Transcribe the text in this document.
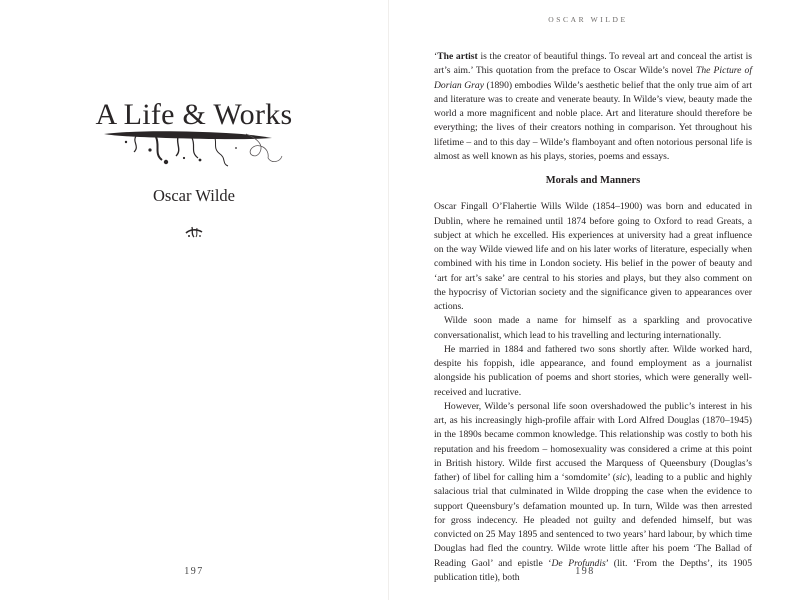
A Life & Works
Oscar Wilde
197
OSCAR WILDE

‘The artist is the creator of beautiful things. To reveal art and conceal the artist is art’s aim.’ This quotation from the preface to Oscar Wilde’s novel The Picture of Dorian Gray (1890) embodies Wilde’s aesthetic belief that the only true aim of art and literature was to create and venerate beauty. In Wilde’s view, beauty made the world a more magnificent and noble place. Art and literature should therefore be everything; the lives of their creators nothing in comparison. Yet throughout his lifetime – and to this day – Wilde’s flamboyant and often notorious personal life is almost as well known as his plays, stories, poems and essays.

Morals and Manners

Oscar Fingall O’Flahertie Wills Wilde (1854–1900) was born and educated in Dublin, where he remained until 1874 before going to Oxford to read Greats, a subject at which he excelled. His experiences at university had a great influence on the way Wilde viewed life and on his later works of literature, especially when combined with his time in London society. His belief in the power of beauty and ‘art for art’s sake’ are central to his stories and plays, but they also comment on the hypocrisy of Victorian society and the significance given to appearances over actions.

Wilde soon made a name for himself as a sparkling and provocative conversationalist, which lead to his travelling and lecturing internationally.

He married in 1884 and fathered two sons shortly after. Wilde worked hard, despite his foppish, idle appearance, and found employment as a journalist alongside his publication of poems and short stories, which were generally well-received and lucrative.

However, Wilde’s personal life soon overshadowed the public’s interest in his art, as his increasingly high-profile affair with Lord Alfred Douglas (1870–1945) in the 1890s became common knowledge. This relationship was costly to both his reputation and his freedom – homosexuality was considered a crime at this point in British history. Wilde first accused the Marquess of Queensbury (Douglas’s father) of libel for calling him a ‘somdomite’ (sic), leading to a public and highly salacious trial that culminated in Wilde dropping the case when the evidence to support Queensbury’s defamation mounted up. In turn, Wilde was then arrested for gross indecency. He pleaded not guilty and defended himself, but was convicted on 25 May 1895 and sentenced to two years’ hard labour, by which time Douglas had fled the country. Wilde wrote little after his poem ‘The Ballad of Reading Gaol’ and epistle ‘De Profundis’ (lit. ‘From the Depths’, its 1905 publication title), both

198
